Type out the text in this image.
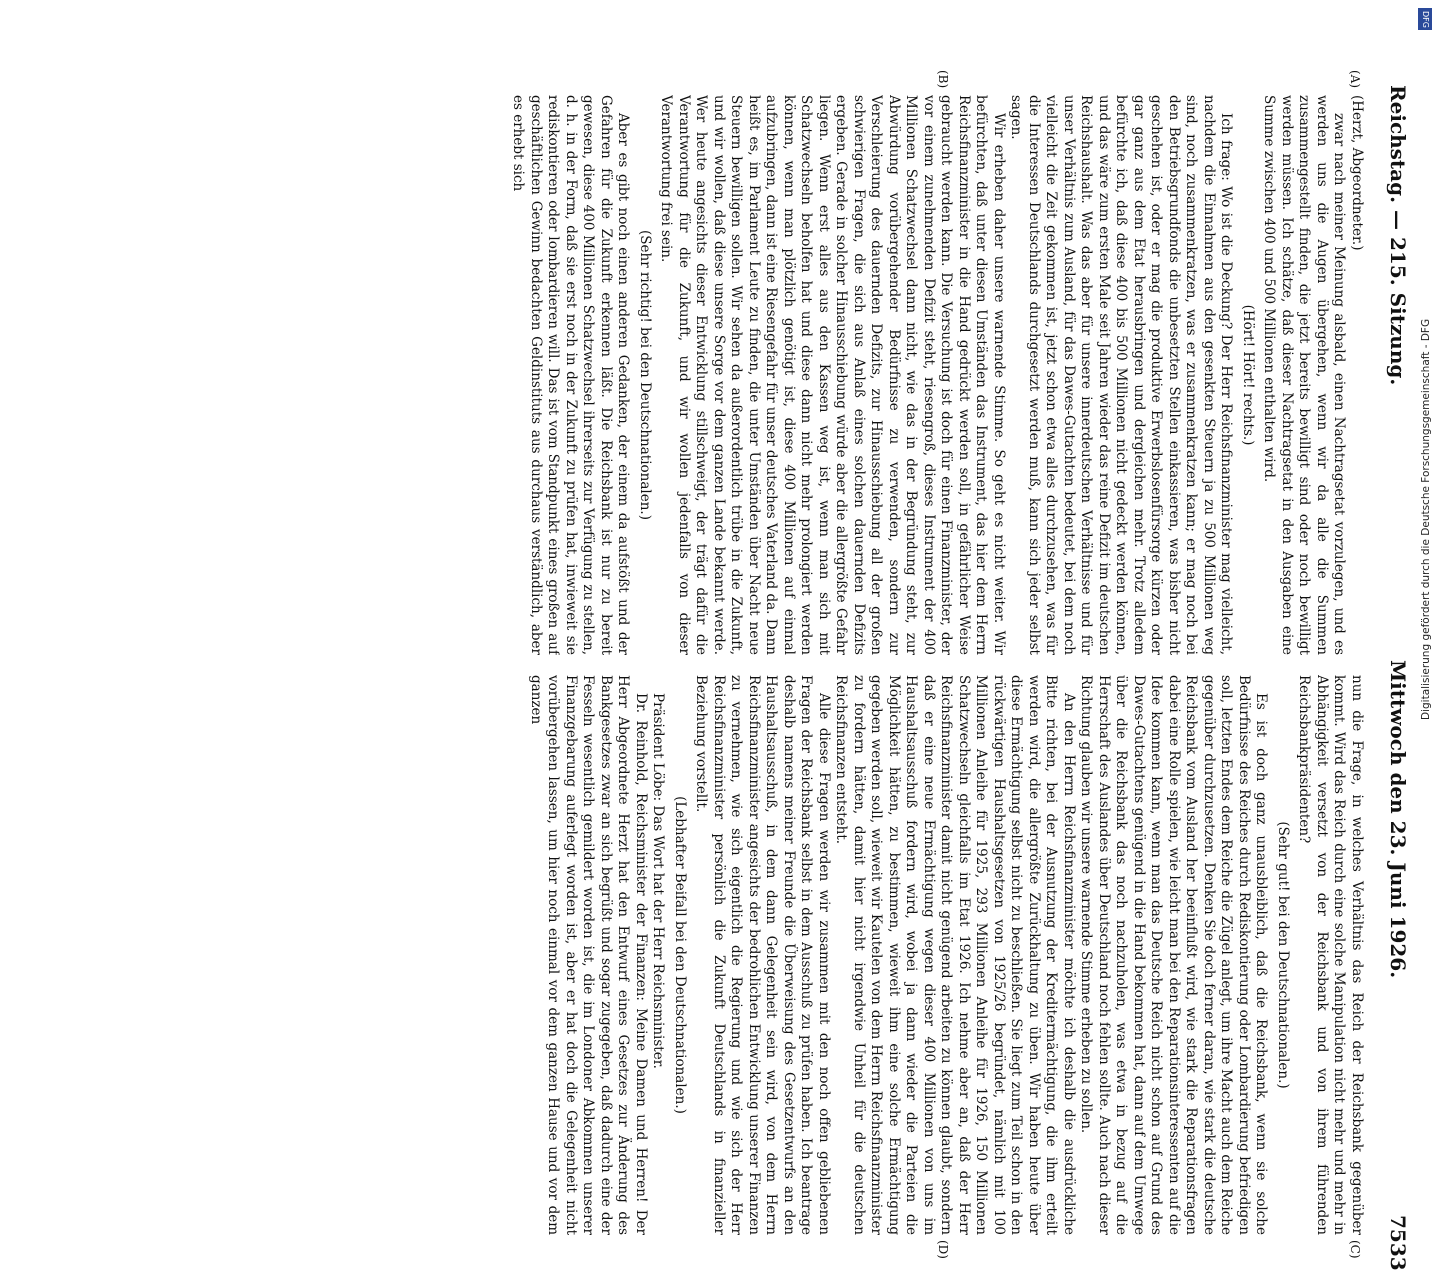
Reichstag. — 215. Sitzung.
Mittwoch den 23. Juni 1926.
7533
(A)
(B)
(C)
(D)

(Herzt, Abgeordneter.)

zwar nach meiner Meinung alsbald, einen Nachtragsetat vorzulegen, und es werden uns die Augen übergehen, wenn wir da alle die Summen zusammengestellt finden, die jetzt bereits bewilligt sind oder noch bewilligt werden müssen. Ich schätze, daß dieser Nachtragsetat in den Ausgaben eine Summe zwischen 400 und 500 Millionen enthalten wird.

(Hört! Hört! rechts.)

Ich frage: Wo ist die Deckung? Der Herr Reichsfinanzminister mag vielleicht, nachdem die Einnahmen aus den gesenkten Steuern ja zu 500 Millionen weg sind, noch zusammenkratzen, was er zusammenkratzen kann; er mag noch bei den Betriebsgrundfonds die unbesetzten Stellen einkassieren, was bisher nicht geschehen ist, oder er mag die produktive Erwerbslosenfürsorge kürzen oder gar ganz aus dem Etat herausbringen und dergleichen mehr. Trotz alledem befürchte ich, daß diese 400 bis 500 Millionen nicht gedeckt werden können, und das wäre zum ersten Male seit Jahren wieder das reine Defizit im deutschen Reichshaushalt. Was das aber für unsere innerdeutschen Verhältnisse und für unser Verhältnis zum Ausland, für das Dawes-Gutachten bedeutet, bei dem noch vielleicht die Zeit gekommen ist, jetzt schon etwa alles durchzusehen, was für die Interessen Deutschlands durchgesetzt werden muß, kann sich jeder selbst sagen.

Wir erheben daher unsere warnende Stimme. So geht es nicht weiter. Wir befürchten, daß unter diesen Umständen das Instrument, das hier dem Herrn Reichsfinanzminister in die Hand gedrückt werden soll, in gefährlicher Weise gebraucht werden kann. Die Versuchung ist doch für einen Finanzminister, der vor einem zunehmenden Defizit steht, riesengroß, dieses Instrument der 400 Millionen Schatzwechsel dann nicht, wie das in der Begründung steht, zur Abwürdung vorübergehender Bedürfnisse zu verwenden, sondern zur Verschleierung des dauernden Defizits, zur Hinausschiebung all der großen schwierigen Fragen, die sich aus Anlaß eines solchen dauernden Defizits ergeben. Gerade in solcher Hinausschiebung würde aber die allergrößte Gefahr liegen. Wenn erst alles aus den Kassen weg ist, wenn man sich mit Schatzwechseln beholfen hat und diese dann nicht mehr prolongiert werden können, wenn man plötzlich genötigt ist, diese 400 Millionen auf einmal aufzubringen, dann ist eine Riesengefahr für unser deutsches Vaterland da. Dann heißt es, im Parlament Leute zu finden, die unter Umständen über Nacht neue Steuern bewilligen sollen. Wir sehen da außerordentlich trübe in die Zukunft, und wir wollen, daß diese unsere Sorge vor dem ganzen Lande bekannt werde. Wer heute angesichts dieser Entwicklung stillschweigt, der trägt dafür die Verantwortung für die Zukunft, und wir wollen jedenfalls von dieser Verantwortung frei sein.

(Sehr richtig! bei den Deutschnationalen.)

Aber es gibt noch einen anderen Gedanken, der einem da aufstößt und der Gefahren für die Zukunft erkennen läßt. Die Reichsbank ist nur zu bereit gewesen, diese 400 Millionen Schatzwechsel ihrerseits zur Verfügung zu stellen, d. h. in der Form, daß sie erst noch in der Zukunft zu prüfen hat, inwieweit sie rediskontieren oder lombardieren will. Das ist vom Standpunkt eines großen auf geschäftlichen Gewinn bedachten Geldinstituts aus durchaus verständlich, aber es erhebt sich

nun die Frage, in welches Verhältnis das Reich der Reichsbank gegenüber kommt. Wird das Reich durch eine solche Manipulation nicht mehr und mehr in Abhängigkeit versetzt von der Reichsbank und von ihrem führenden Reichsbankpräsidenten?

(Sehr gut! bei den Deutschnationalen.)

Es ist doch ganz unausbleiblich, daß die Reichsbank, wenn sie solche Bedürfnisse des Reiches durch Rediskontierung oder Lombardierung befriedigen soll, letzten Endes dem Reiche die Zügel anlegt, um ihre Macht auch dem Reiche gegenüber durchzusetzen. Denken Sie doch ferner daran, wie stark die deutsche Reichsbank vom Ausland her beeinflußt wird, wie stark die Reparationsfragen dabei eine Rolle spielen, wie leicht man bei den Reparationsinteressenten auf die Idee kommen kann, wenn man das Deutsche Reich nicht schon auf Grund des Dawes-Gutachtens genügend in die Hand bekommen hat, dann auf dem Umwege über die Reichsbank das noch nachzuholen, was etwa in bezug auf die Herrschaft des Auslandes über Deutschland noch fehlen sollte. Auch nach dieser Richtung glauben wir unsere warnende Stimme erheben zu sollen.

An den Herrn Reichsfinanzminister möchte ich deshalb die ausdrückliche Bitte richten, bei der Ausnutzung der Kreditermächtigung, die ihm erteilt werden wird, die allergrößte Zurückhaltung zu üben. Wir haben heute über diese Ermächtigung selbst nicht zu beschließen. Sie liegt zum Teil schon in den rückwärtigen Haushaltsgesetzen von 1925/26 begründet, nämlich mit 100 Millionen Anleihe für 1925, 293 Millionen Anleihe für 1926, 150 Millionen Schatzwechseln gleichfalls im Etat 1926. Ich nehme aber an, daß der Herr Reichsfinanzminister damit nicht genügend arbeiten zu können glaubt, sondern daß er eine neue Ermächtigung wegen dieser 400 Millionen von uns im Haushaltsausschuß fordern wird, wobei ja dann wieder die Parteien die Möglichkeit hätten, zu bestimmen, wieweit ihm eine solche Ermächtigung gegeben werden soll, wieweit wir Kautelen von dem Herrn Reichsfinanzminister zu fordern hätten, damit hier nicht irgendwie Unheil für die deutschen Reichsfinanzen entsteht.

Alle diese Fragen werden wir zusammen mit den noch offen gebliebenen Fragen der Reichsbank selbst in dem Ausschuß zu prüfen haben. Ich beantrage deshalb namens meiner Freunde die Überweisung des Gesetzentwurfs an den Haushaltsausschuß, in dem dann Gelegenheit sein wird, von dem Herrn Reichsfinanzminister angesichts der bedrohlichen Entwicklung unserer Finanzen zu vernehmen, wie sich eigentlich die Regierung und wie sich der Herr Reichsfinanzminister persönlich die Zukunft Deutschlands in finanzieller Beziehung vorstellt.

(Lebhafter Beifall bei den Deutschnationalen.)

Präsident Löbe: Das Wort hat der Herr Reichsminister.

Dr. Reinhold, Reichsminister der Finanzen: Meine Damen und Herren! Der Herr Abgeordnete Herzt hat den Entwurf eines Gesetzes zur Änderung des Bankgesetzes zwar an sich begrüßt und sogar zugegeben, daß dadurch eine der Fesseln wesentlich gemildert worden ist, die im Londoner Abkommen unserer Finanzgebarung auferlegt worden ist, aber er hat doch die Gelegenheit nicht vorübergehen lassen, um hier noch einmal vor dem ganzen Hause und vor dem ganzen

DFG
Digitalisierung gefördert durch die Deutsche Forschungsgemeinschaft - DFG
